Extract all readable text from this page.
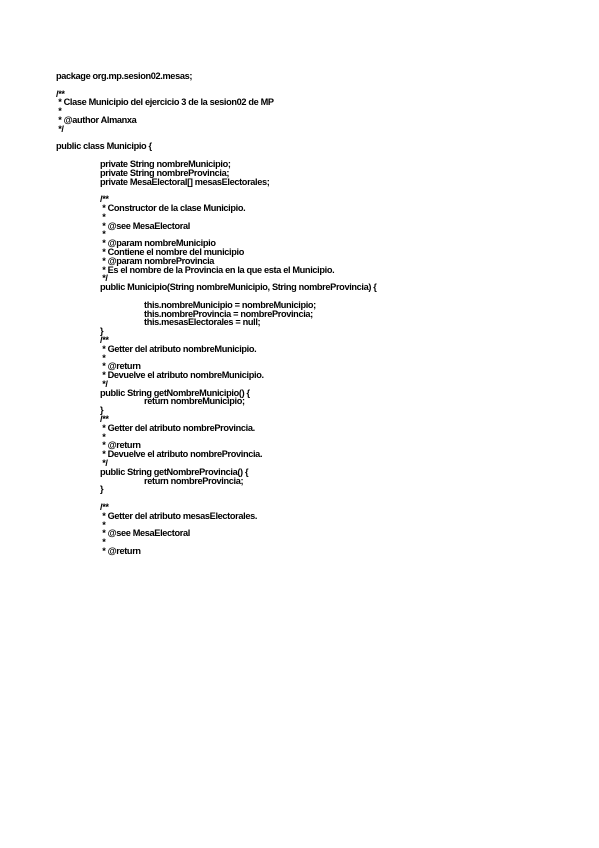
package org.mp.sesion02.mesas;
/**
* Clase Municipio del ejercicio 3 de la sesion02 de MP
*
* @author Almanxa
*/
public class Municipio {
private String nombreMunicipio;
private String nombreProvincia;
private MesaElectoral[] mesasElectorales;
/**
* Constructor de la clase Municipio.
*
* @see MesaElectoral
*
* @param nombreMunicipio
* Contiene el nombre del municipio
* @param nombreProvincia
* Es el nombre de la Provincia en la que esta el Municipio.
*/
public Municipio(String nombreMunicipio, String nombreProvincia) {
this.nombreMunicipio = nombreMunicipio;
this.nombreProvincia = nombreProvincia;
this.mesasElectorales = null;
}
/**
* Getter del atributo nombreMunicipio.
*
* @return
* Devuelve el atributo nombreMunicipio.
*/
public String getNombreMunicipio() {
return nombreMunicipio;
}
/**
* Getter del atributo nombreProvincia.
*
* @return
* Devuelve el atributo nombreProvincia.
*/
public String getNombreProvincia() {
return nombreProvincia;
}
/**
* Getter del atributo mesasElectorales.
*
* @see MesaElectoral
*
* @return
